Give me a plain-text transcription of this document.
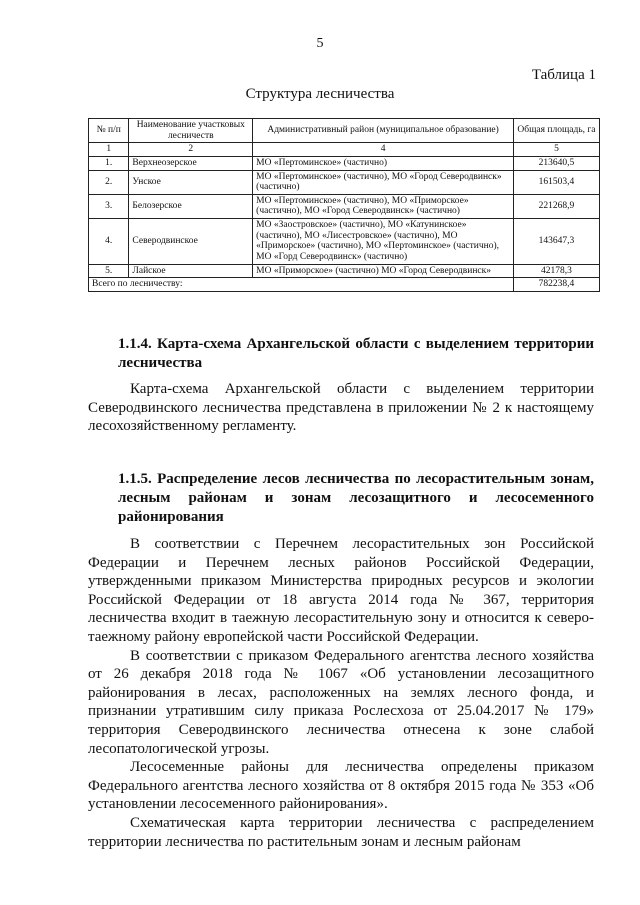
5
Таблица 1
Структура лесничества
№ п/п	Наименование участковых лесничеств	Административный район (муниципальное образование)	Общая площадь, га
1	2	4	5
1.	Верхнеозерское	МО «Пертоминское» (частично)	213640,5
2.	Унское	МО «Пертоминское» (частично), МО «Город Северодвинск» (частично)	161503,4
3.	Белозерское	МО «Пертоминское» (частично), МО «Приморское» (частично), МО «Город Северодвинск» (частично)	221268,9
4.	Северодвинское	МО «Заостровское» (частично), МО «Катунинское» (частично), МО «Лисестровское» (частично), МО «Приморское» (частично), МО «Пертоминское» (частично), МО «Горд Северодвинск» (частично)	143647,3
5.	Лайское	МО «Приморское» (частично) МО «Город Северодвинск»	42178,3
Всего по лесничеству:			782238,4
1.1.4. Карта-схема Архангельской области с выделением территории лесничества

Карта-схема Архангельской области с выделением территории Северодвинского лесничества представлена в приложении № 2 к настоящему лесохозяйственному регламенту.

1.1.5. Распределение лесов лесничества по лесорастительным зонам, лесным районам и зонам лесозащитного и лесосеменного районирования

В соответствии с Перечнем лесорастительных зон Российской Федерации и Перечнем лесных районов Российской Федерации, утвержденными приказом Министерства природных ресурсов и экологии Российской Федерации от 18 августа 2014 года № 367, территория лесничества входит в таежную лесорастительную зону и относится к северо-таежному району европейской части Российской Федерации.

В соответствии с приказом Федерального агентства лесного хозяйства от 26 декабря 2018 года № 1067 «Об установлении лесозащитного районирования в лесах, расположенных на землях лесного фонда, и признании утратившим силу приказа Рослесхоза от 25.04.2017 № 179» территория Северодвинского лесничества отнесена к зоне слабой лесопатологической угрозы.

Лесосеменные районы для лесничества определены приказом Федерального агентства лесного хозяйства от 8 октября 2015 года № 353 «Об установлении лесосеменного районирования».

Схематическая карта территории лесничества с распределением территории лесничества по растительным зонам и лесным районам
